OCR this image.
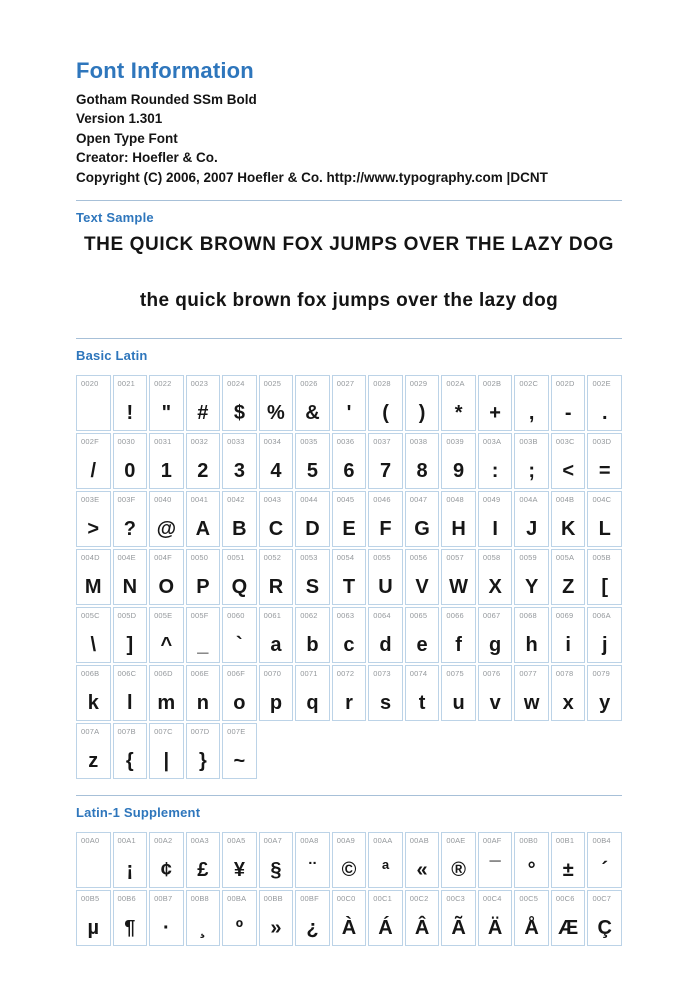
Font Information
Gotham Rounded SSm Bold
Version 1.301
Open Type Font
Creator: Hoefler & Co.
Copyright (C) 2006, 2007 Hoefler & Co. http://www.typography.com |DCNT
Text Sample
THE QUICK BROWN FOX JUMPS OVER THE LAZY DOG
the quick brown fox jumps over the lazy dog
Basic Latin
0020	0021
!
0022
"
0023
#
0024
$
0025
%
0026
&
0027
'
0028
(
0029
)
002A
*
002B
+
002C
,
002D
-
002E
.
002F
/
0030
0
0031
1
0032
2
0033
3
0034
4
0035
5
0036
6
0037
7
0038
8
0039
9
003A
:
003B
;
003C
<
003D
=
003E
>
003F
?
0040
@
0041
A
0042
B
0043
C
0044
D
0045
E
0046
F
0047
G
0048
H
0049
I
004A
J
004B
K
004C
L
004D
M
004E
N
004F
O
0050
P
0051
Q
0052
R
0053
S
0054
T
0055
U
0056
V
0057
W
0058
X
0059
Y
005A
Z
005B
[
005C
\
005D
]
005E
^
005F
_
0060
`
0061
a
0062
b
0063
c
0064
d
0065
e
0066
f
0067
g
0068
h
0069
i
006A
j
006B
k
006C
l
006D
m
006E
n
006F
o
0070
p
0071
q
0072
r
0073
s
0074
t
0075
u
0076
v
0077
w
0078
x
0079
y
007A
z
007B
{
007C
|
007D
}
007E
~
Latin-1 Supplement
00A0 00A1
¡
00A2
¢
00A3
£
00A5
¥
00A7
§
00A8
¨
00A9
©
00AA
ª
00AB
«
00AE
®
00AF
¯
00B0
°
00B1
±
00B4
´
00B5
µ
00B6
¶
00B7
·
00B8
¸
00BA
º
00BB
»
00BF
¿
00C0
À
00C1
Á
00C2
Â
00C3
Ã
00C4
Ä
00C5
Å
00C6
Æ
00C7
Ç
